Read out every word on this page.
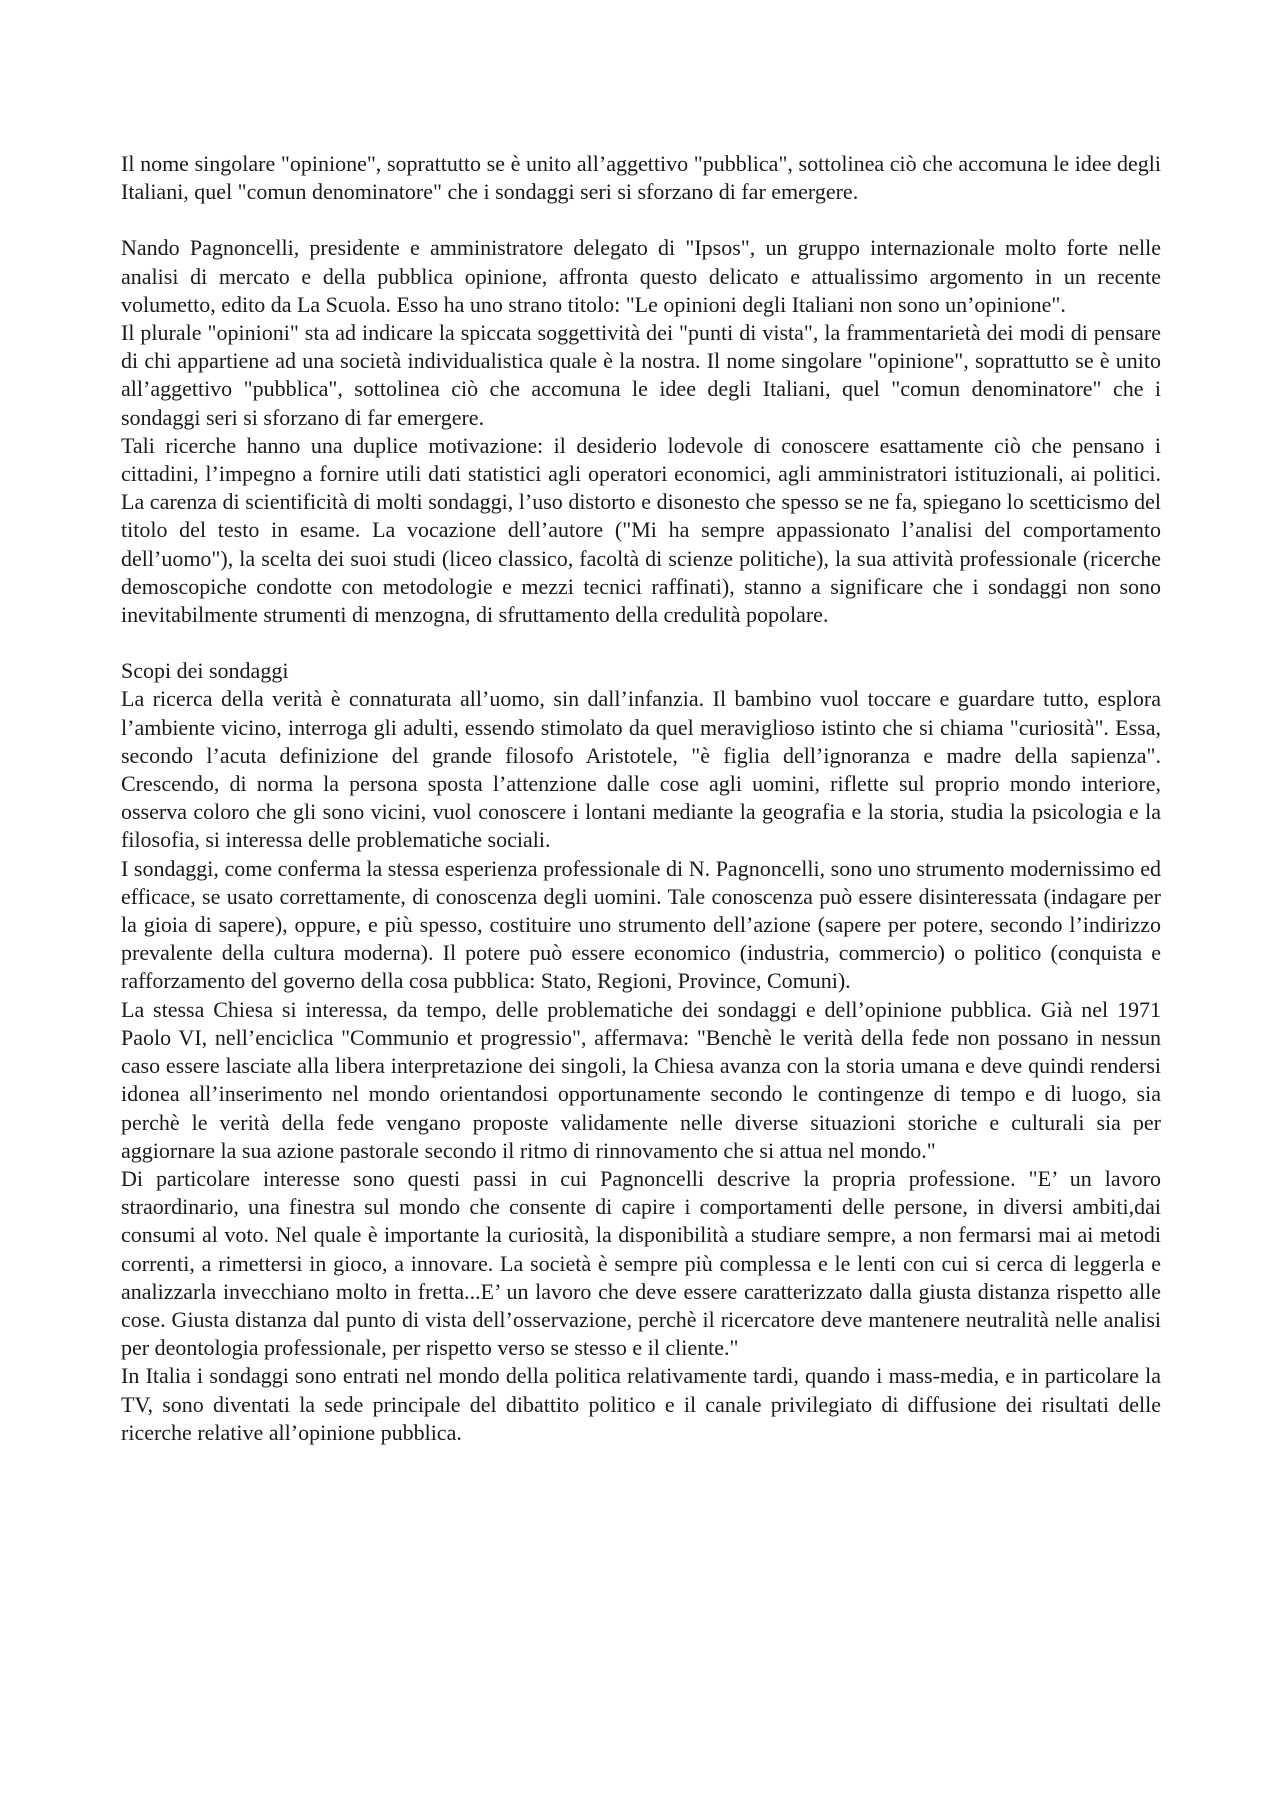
Il nome singolare "opinione", soprattutto se è unito all’aggettivo "pubblica", sottolinea ciò che accomuna le idee degli Italiani, quel "comun denominatore" che i sondaggi seri si sforzano di far emergere.

Nando Pagnoncelli, presidente e amministratore delegato di "Ipsos", un gruppo internazionale molto forte nelle analisi di mercato e della pubblica opinione, affronta questo delicato e attualissimo argomento in un recente volumetto, edito da La Scuola. Esso ha uno strano titolo: "Le opinioni degli Italiani non sono un’opinione".

Il plurale "opinioni" sta ad indicare la spiccata soggettività dei "punti di vista", la frammentarietà dei modi di pensare di chi appartiene ad una società individualistica quale è la nostra. Il nome singolare "opinione", soprattutto se è unito all’aggettivo "pubblica", sottolinea ciò che accomuna le idee degli Italiani, quel "comun denominatore" che i sondaggi seri si sforzano di far emergere.

Tali ricerche hanno una duplice motivazione: il desiderio lodevole di conoscere esattamente ciò che pensano i cittadini, l’impegno a fornire utili dati statistici agli operatori economici, agli amministratori istituzionali, ai politici. La carenza di scientificità di molti sondaggi, l’uso distorto e disonesto che spesso se ne fa, spiegano lo scetticismo del titolo del testo in esame. La vocazione dell’autore ("Mi ha sempre appassionato l’analisi del comportamento dell’uomo"), la scelta dei suoi studi (liceo classico, facoltà di scienze politiche), la sua attività professionale (ricerche demoscopiche condotte con metodologie e mezzi tecnici raffinati), stanno a significare che i sondaggi non sono inevitabilmente strumenti di menzogna, di sfruttamento della credulità popolare.

Scopi dei sondaggi

La ricerca della verità è connaturata all’uomo, sin dall’infanzia. Il bambino vuol toccare e guardare tutto, esplora l’ambiente vicino, interroga gli adulti, essendo stimolato da quel meraviglioso istinto che si chiama "curiosità". Essa, secondo l’acuta definizione del grande filosofo Aristotele, "è figlia dell’ignoranza e madre della sapienza". Crescendo, di norma la persona sposta l’attenzione dalle cose agli uomini, riflette sul proprio mondo interiore, osserva coloro che gli sono vicini, vuol conoscere i lontani mediante la geografia e la storia, studia la psicologia e la filosofia, si interessa delle problematiche sociali.

I sondaggi, come conferma la stessa esperienza professionale di N. Pagnoncelli, sono uno strumento modernissimo ed efficace, se usato correttamente, di conoscenza degli uomini. Tale conoscenza può essere disinteressata (indagare per la gioia di sapere), oppure, e più spesso, costituire uno strumento dell’azione (sapere per potere, secondo l’indirizzo prevalente della cultura moderna). Il potere può essere economico (industria, commercio) o politico (conquista e rafforzamento del governo della cosa pubblica: Stato, Regioni, Province, Comuni).

La stessa Chiesa si interessa, da tempo, delle problematiche dei sondaggi e dell’opinione pubblica. Già nel 1971 Paolo VI, nell’enciclica "Communio et progressio", affermava: "Benchè le verità della fede non possano in nessun caso essere lasciate alla libera interpretazione dei singoli, la Chiesa avanza con la storia umana e deve quindi rendersi idonea all’inserimento nel mondo orientandosi opportunamente secondo le contingenze di tempo e di luogo, sia perchè le verità della fede vengano proposte validamente nelle diverse situazioni storiche e culturali sia per aggiornare la sua azione pastorale secondo il ritmo di rinnovamento che si attua nel mondo."

Di particolare interesse sono questi passi in cui Pagnoncelli descrive la propria professione. "E’ un lavoro straordinario, una finestra sul mondo che consente di capire i comportamenti delle persone, in diversi ambiti,dai consumi al voto. Nel quale è importante la curiosità, la disponibilità a studiare sempre, a non fermarsi mai ai metodi correnti, a rimettersi in gioco, a innovare. La società è sempre più complessa e le lenti con cui si cerca di leggerla e analizzarla invecchiano molto in fretta...E’ un lavoro che deve essere caratterizzato dalla giusta distanza rispetto alle cose. Giusta distanza dal punto di vista dell’osservazione, perchè il ricercatore deve mantenere neutralità nelle analisi per deontologia professionale, per rispetto verso se stesso e il cliente."

In Italia i sondaggi sono entrati nel mondo della politica relativamente tardi, quando i mass-media, e in particolare la TV, sono diventati la sede principale del dibattito politico e il canale privilegiato di diffusione dei risultati delle ricerche relative all’opinione pubblica.
